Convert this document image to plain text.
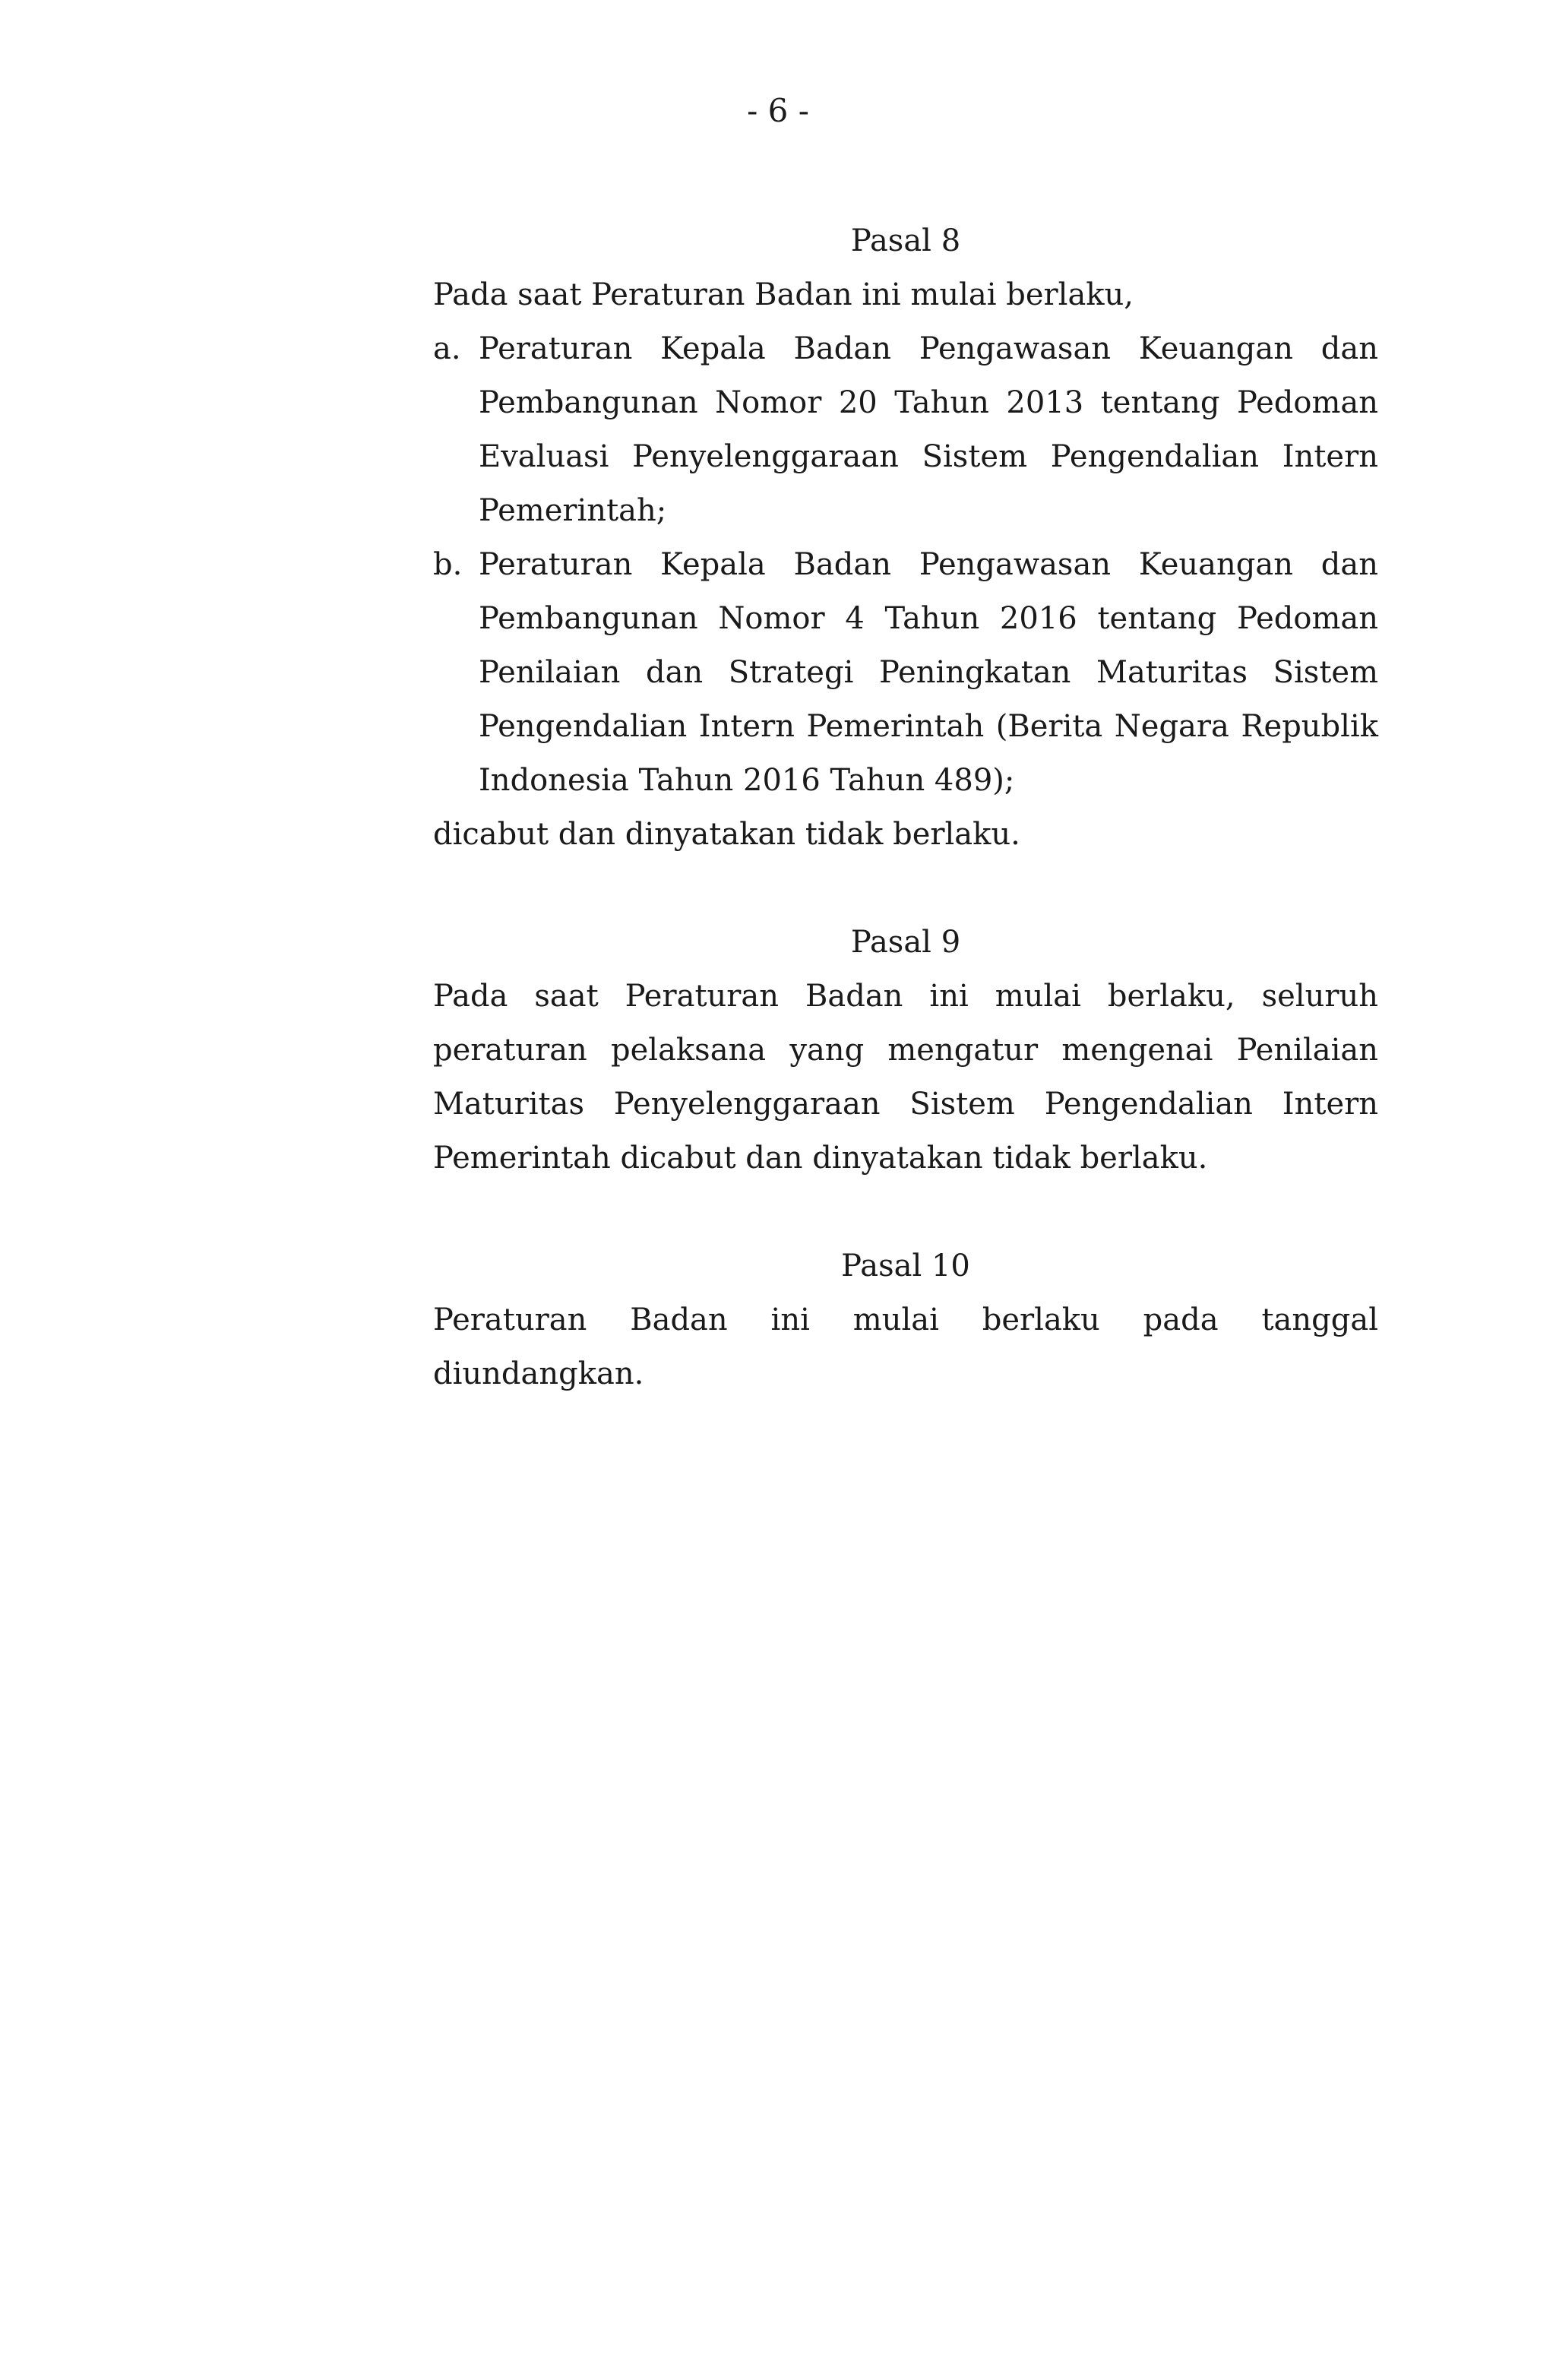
- 6 -

Pasal 8

Pada saat Peraturan Badan ini mulai berlaku,

a. Peraturan Kepala Badan Pengawasan Keuangan dan Pembangunan Nomor 20 Tahun 2013 tentang Pedoman Evaluasi Penyelenggaraan Sistem Pengendalian Intern Pemerintah;
b. Peraturan Kepala Badan Pengawasan Keuangan dan Pembangunan Nomor 4 Tahun 2016 tentang Pedoman Penilaian dan Strategi Peningkatan Maturitas Sistem Pengendalian Intern Pemerintah (Berita Negara Republik Indonesia Tahun 2016 Tahun 489);

dicabut dan dinyatakan tidak berlaku.

Pasal 9

Pada saat Peraturan Badan ini mulai berlaku, seluruh peraturan pelaksana yang mengatur mengenai Penilaian Maturitas Penyelenggaraan Sistem Pengendalian Intern Pemerintah dicabut dan dinyatakan tidak berlaku.

Pasal 10

Peraturan Badan ini mulai berlaku pada tanggal

diundangkan.
